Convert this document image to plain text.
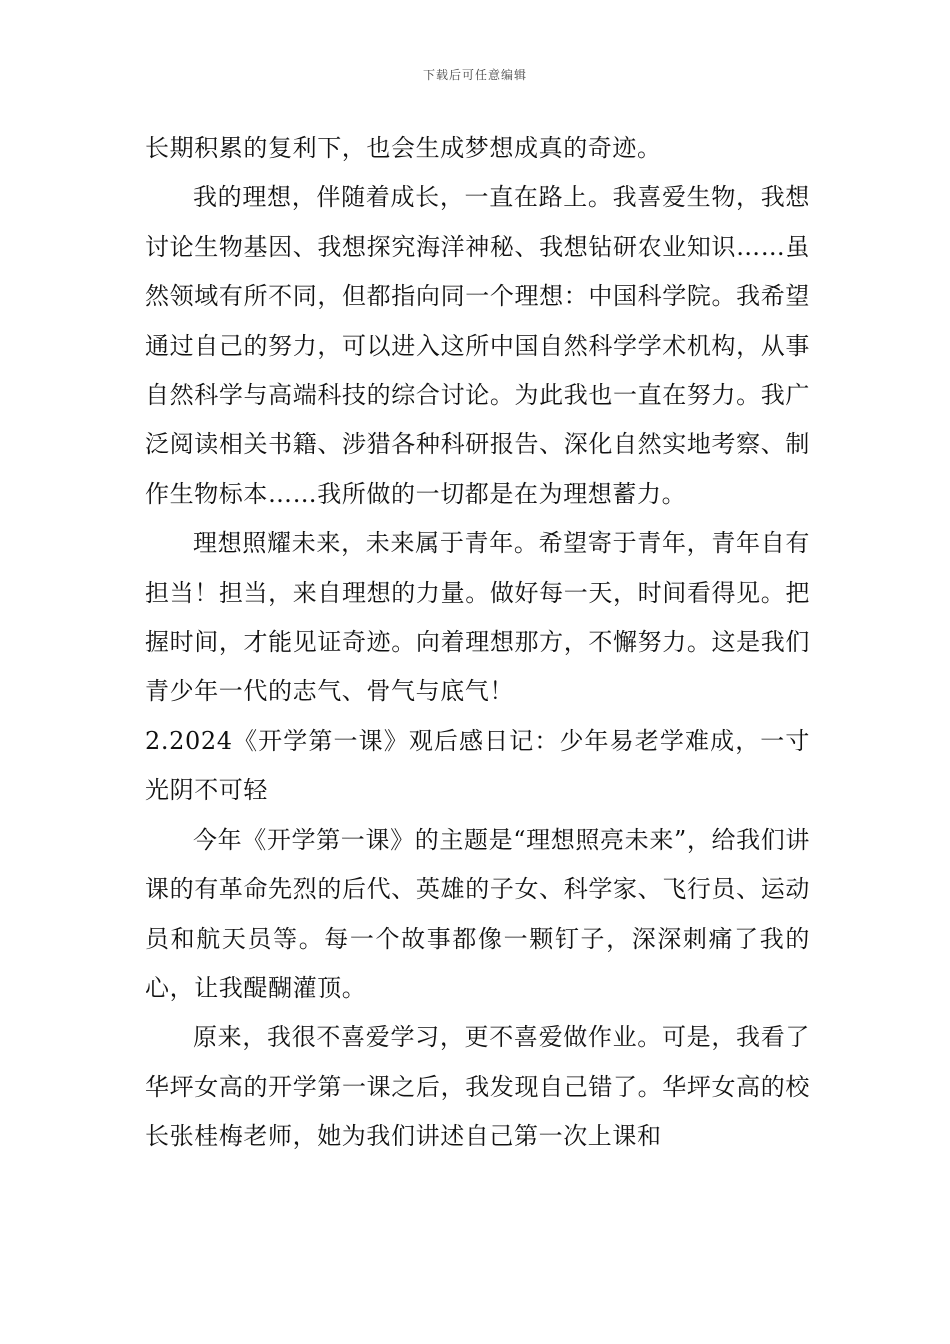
下载后可任意编辑

长期积累的复利下，也会生成梦想成真的奇迹。

我的理想，伴随着成长，一直在路上。我喜爱生物，我想讨论生物基因、我想探究海洋神秘、我想钻研农业知识……虽然领域有所不同，但都指向同一个理想：中国科学院。我希望通过自己的努力，可以进入这所中国自然科学学术机构，从事自然科学与高端科技的综合讨论。为此我也一直在努力。我广泛阅读相关书籍、涉猎各种科研报告、深化自然实地考察、制作生物标本……我所做的一切都是在为理想蓄力。

理想照耀未来，未来属于青年。希望寄于青年，青年自有担当！担当，来自理想的力量。做好每一天，时间看得见。把握时间，才能见证奇迹。向着理想那方，不懈努力。这是我们青少年一代的志气、骨气与底气！

2.2024《开学第一课》观后感日记：少年易老学难成，一寸光阴不可轻

今年《开学第一课》的主题是“理想照亮未来”，给我们讲课的有革命先烈的后代、英雄的子女、科学家、飞行员、运动员和航天员等。每一个故事都像一颗钉子，深深刺痛了我的心，让我醍醐灌顶。

原来，我很不喜爱学习，更不喜爱做作业。可是，我看了华坪女高的开学第一课之后，我发现自己错了。华坪女高的校长张桂梅老师，她为我们讲述自己第一次上课和
